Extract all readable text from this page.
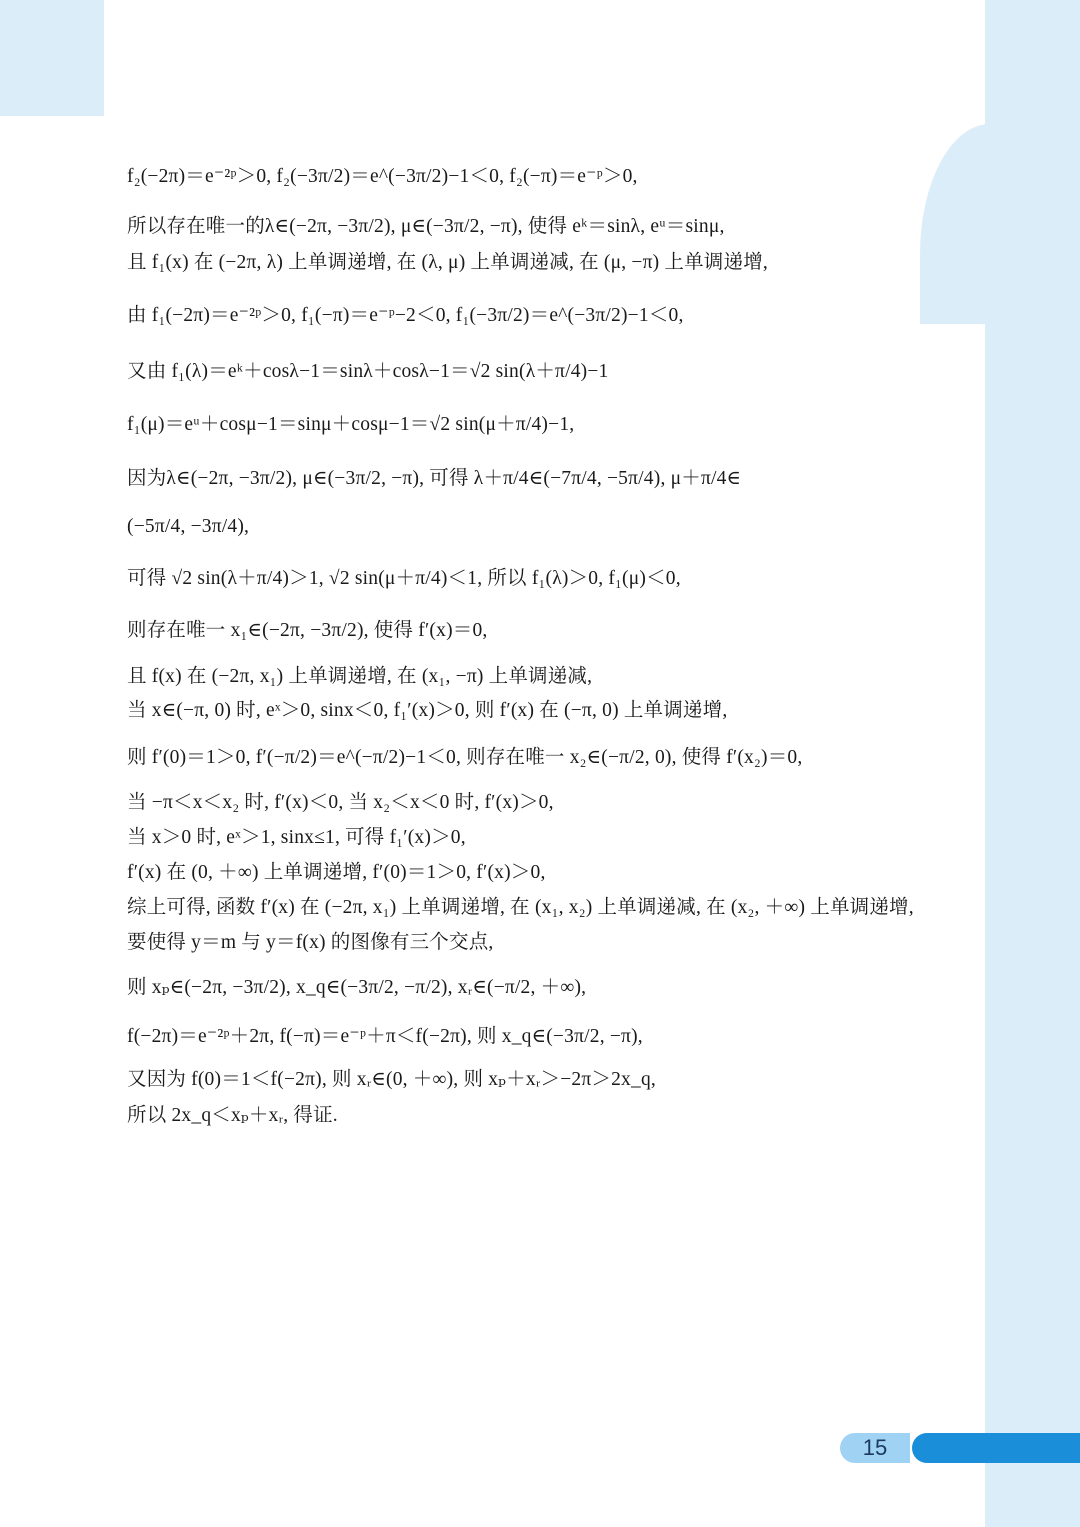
f₂(−2π)＝e⁻²ᵖ＞0, f₂(−3π/2)＝e^(−3π/2)−1＜0, f₂(−π)＝e⁻ᵖ＞0,
所以存在唯一的λ∈(−2π, −3π/2), μ∈(−3π/2, −π), 使得 eᵏ＝sinλ, eᵘ＝sinμ,
且 f₁(x) 在 (−2π, λ) 上单调递增, 在 (λ, μ) 上单调递减, 在 (μ, −π) 上单调递增,
由 f₁(−2π)＝e⁻²ᵖ＞0, f₁(−π)＝e⁻ᵖ−2＜0, f₁(−3π/2)＝e^(−3π/2)−1＜0,
又由 f₁(λ)＝eᵏ＋cosλ−1＝sinλ＋cosλ−1＝√2 sin(λ＋π/4)−1
f₁(μ)＝eᵘ＋cosμ−1＝sinμ＋cosμ−1＝√2 sin(μ＋π/4)−1,
因为λ∈(−2π, −3π/2), μ∈(−3π/2, −π), 可得 λ＋π/4∈(−7π/4, −5π/4), μ＋π/4∈
(−5π/4, −3π/4),
可得 √2 sin(λ＋π/4)＞1, √2 sin(μ＋π/4)＜1, 所以 f₁(λ)＞0, f₁(μ)＜0,
则存在唯一 x₁∈(−2π, −3π/2), 使得 f′(x)＝0,
且 f(x) 在 (−2π, x₁) 上单调递增, 在 (x₁, −π) 上单调递减,
当 x∈(−π, 0) 时, eˣ＞0, sinx＜0, f₁′(x)＞0, 则 f′(x) 在 (−π, 0) 上单调递增,
则 f′(0)＝1＞0, f′(−π/2)＝e^(−π/2)−1＜0, 则存在唯一 x₂∈(−π/2, 0), 使得 f′(x₂)＝0,
当 −π＜x＜x₂ 时, f′(x)＜0, 当 x₂＜x＜0 时, f′(x)＞0,
当 x＞0 时, eˣ＞1, sinx≤1, 可得 f₁′(x)＞0,
f′(x) 在 (0, ＋∞) 上单调递增, f′(0)＝1＞0, f′(x)＞0,
综上可得, 函数 f′(x) 在 (−2π, x₁) 上单调递增, 在 (x₁, x₂) 上单调递减, 在 (x₂, ＋∞) 上单调递增,
要使得 y＝m 与 y＝f(x) 的图像有三个交点,
则 xₚ∈(−2π, −3π/2), x_q∈(−3π/2, −π/2), xᵣ∈(−π/2, ＋∞),
f(−2π)＝e⁻²ᵖ＋2π, f(−π)＝e⁻ᵖ＋π＜f(−2π), 则 x_q∈(−3π/2, −π),
又因为 f(0)＝1＜f(−2π), 则 xᵣ∈(0, ＋∞), 则 xₚ＋xᵣ＞−2π＞2x_q,
所以 2x_q＜xₚ＋xᵣ, 得证.
15
